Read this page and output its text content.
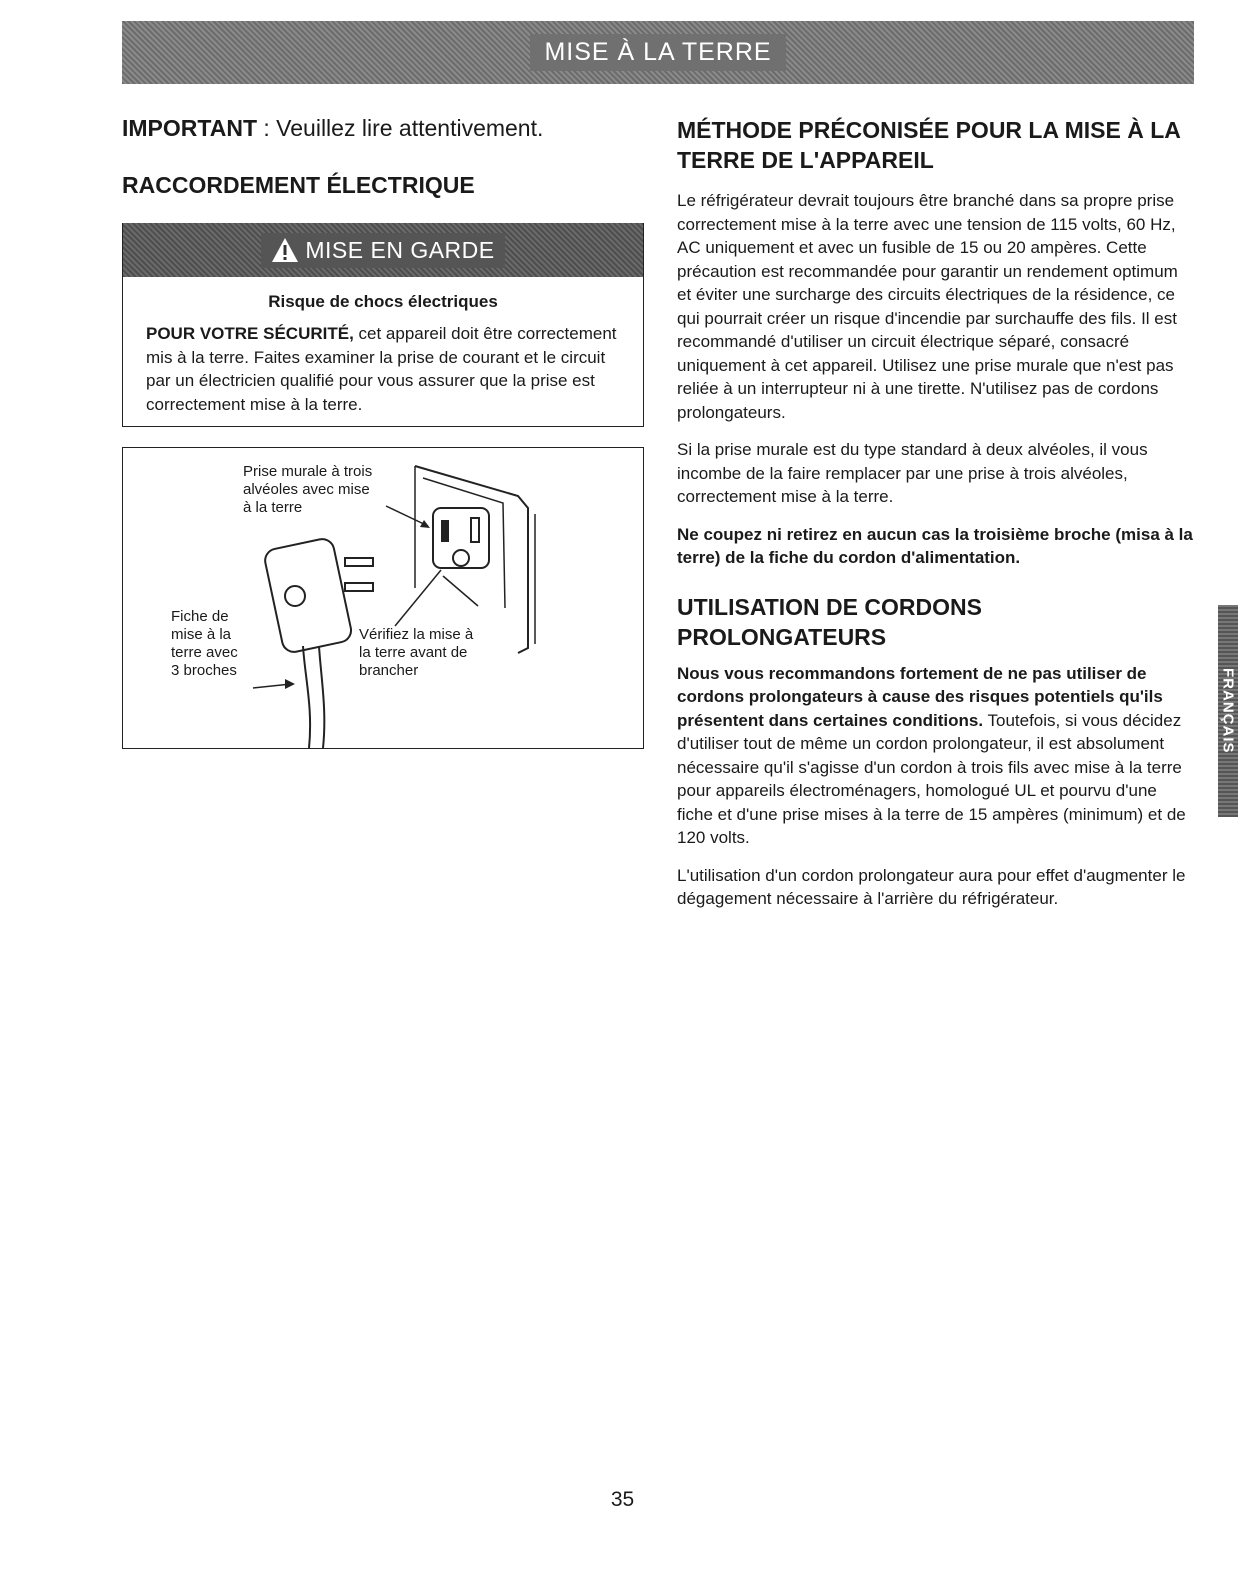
MISE À LA TERRE

IMPORTANT : Veuillez lire attentivement.

RACCORDEMENT ÉLECTRIQUE
MISE EN GARDE
Risque de chocs électriques
POUR VOTRE SÉCURITÉ, cet appareil doit être correctement mis à la terre. Faites examiner la prise de courant et le circuit par un électricien qualifié pour vous assurer que la prise est correctement mise à la terre.
Prise murale à trois
alvéoles avec mise
à la terre
Fiche de
mise à la
terre avec
3 broches
Vérifiez la mise à
la terre avant de
brancher
MÉTHODE PRÉCONISÉE POUR LA MISE À LA TERRE DE L'APPAREIL

Le réfrigérateur devrait toujours être branché dans sa propre prise correctement mise à la terre avec une tension de 115 volts, 60 Hz, AC uniquement et avec un fusible de 15 ou 20 ampères. Cette précaution est recommandée pour garantir un rendement optimum et éviter une surcharge des circuits électriques de la résidence, ce qui pourrait créer un risque d'incendie par surchauffe des fils. Il est recommandé d'utiliser un circuit électrique séparé, consacré uniquement à cet appareil. Utilisez une prise murale que n'est pas reliée à un interrupteur ni à une tirette. N'utilisez pas de cordons prolongateurs.

Si la prise murale est du type standard à deux alvéoles, il vous incombe de la faire remplacer par une prise à trois alvéoles, correctement mise à la terre.

Ne coupez ni retirez en aucun cas la troisième broche (misa à la terre) de la fiche du cordon d'alimentation.

UTILISATION DE CORDONS PROLONGATEURS

Nous vous recommandons fortement de ne pas utiliser de cordons prolongateurs à cause des risques potentiels qu'ils présentent dans certaines conditions. Toutefois, si vous décidez d'utiliser tout de même un cordon prolongateur, il est absolument nécessaire qu'il s'agisse d'un cordon à trois fils avec mise à la terre pour appareils électroménagers, homologué UL et pourvu d'une fiche et d'une prise mises à la terre de 15 ampères (minimum) et de 120 volts.

L'utilisation d'un cordon prolongateur aura pour effet d'augmenter le dégagement nécessaire à l'arrière du réfrigérateur.

FRANÇAIS
35
